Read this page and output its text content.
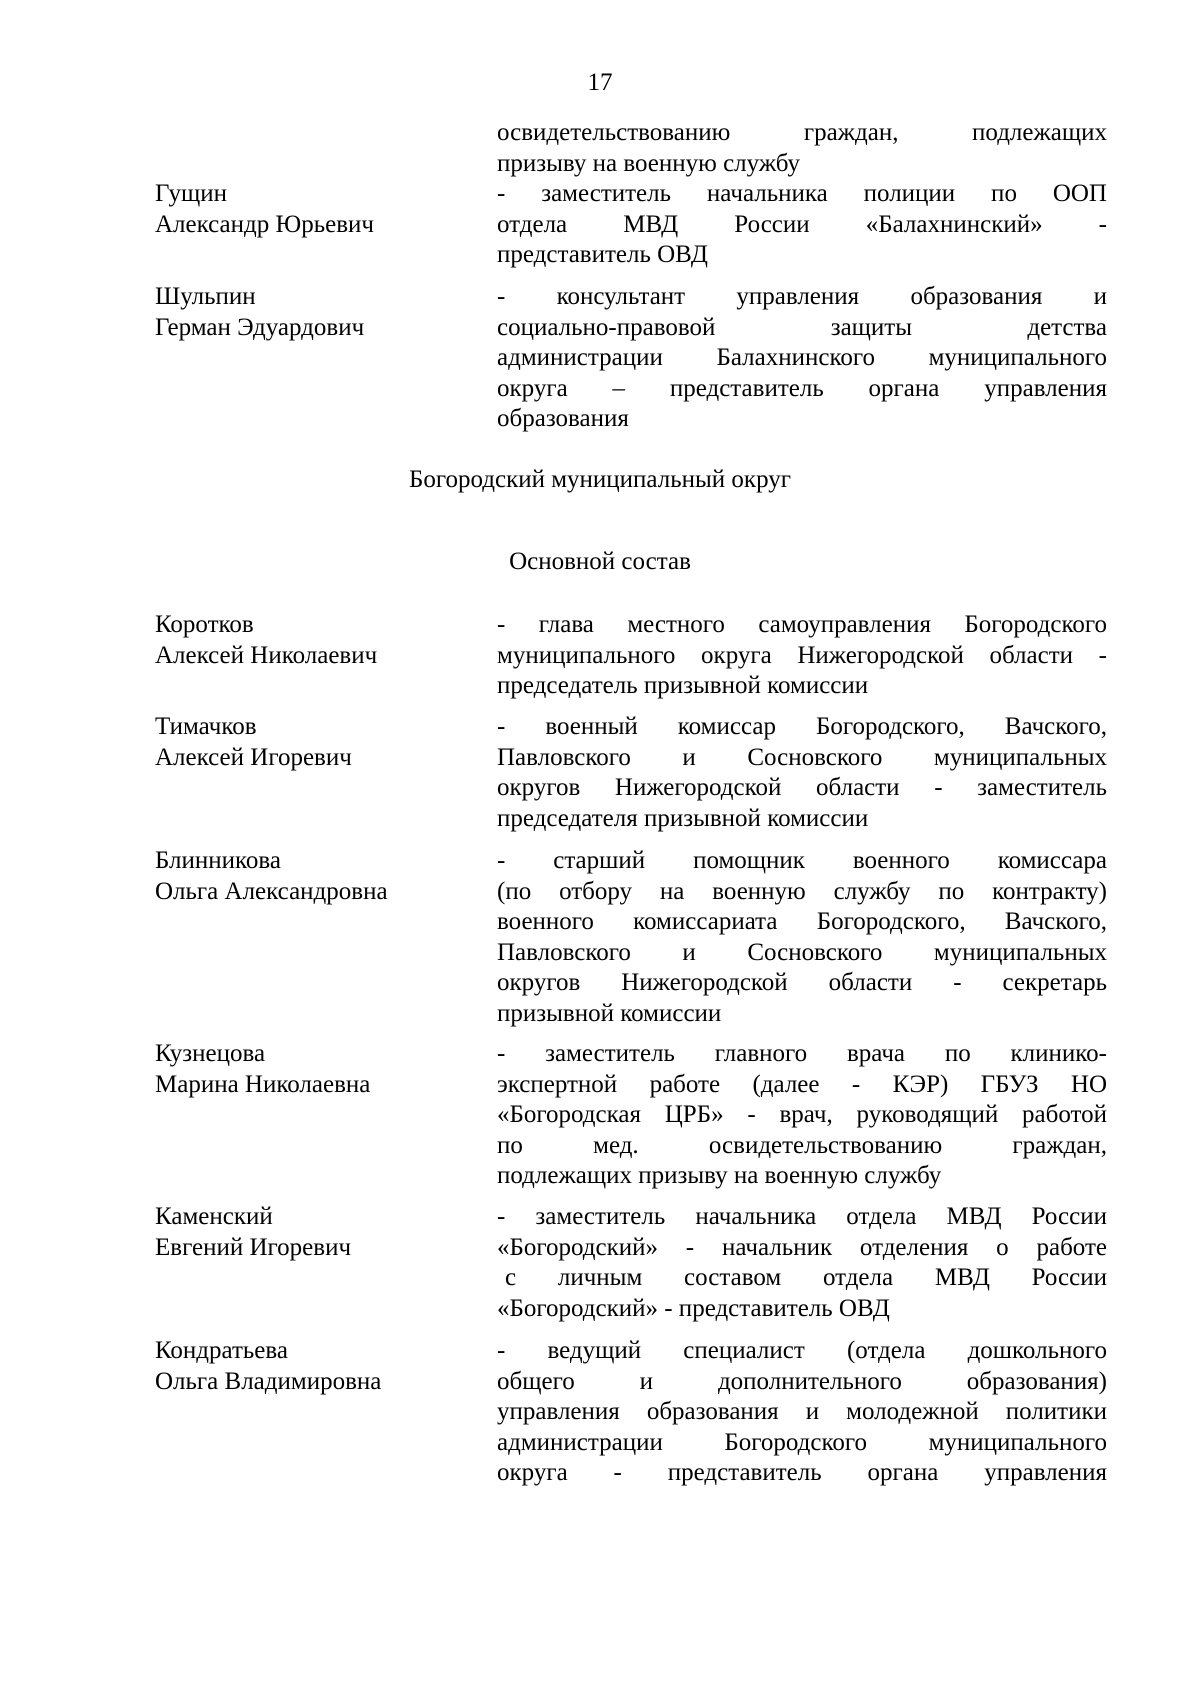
17
освидетельствованию граждан, подлежащих
призыву на военную службу
Гущин
Александр Юрьевич
- заместитель начальника полиции по ООП
отдела МВД России «Балахнинский» -
представитель ОВД
Шульпин
Герман Эдуардович
- консультант управления образования и
социально-правовой защиты детства
администрации Балахнинского муниципального
округа – представитель органа управления
образования
Богородский муниципальный округ
Основной состав
Коротков
Алексей Николаевич
- глава местного самоуправления Богородского
муниципального округа Нижегородской области -
председатель призывной комиссии
Тимачков
Алексей Игоревич
- военный комиссар Богородского, Вачского,
Павловского и Сосновского муниципальных
округов Нижегородской области - заместитель
председателя призывной комиссии
Блинникова
Ольга Александровна
- старший помощник военного комиссара
(по отбору на военную службу по контракту)
военного комиссариата Богородского, Вачского,
Павловского и Сосновского муниципальных
округов Нижегородской области - секретарь
призывной комиссии
Кузнецова
Марина Николаевна
- заместитель главного врача по клинико-
экспертной работе (далее - КЭР) ГБУЗ НО
«Богородская ЦРБ» - врач, руководящий работой
по мед. освидетельствованию граждан,
подлежащих призыву на военную службу
Каменский
Евгений Игоревич
- заместитель начальника отдела МВД России
«Богородский» - начальник отделения о работе
с личным составом отдела МВД России
«Богородский» - представитель ОВД
Кондратьева
Ольга Владимировна
- ведущий специалист (отдела дошкольного
общего и дополнительного образования)
управления образования и молодежной политики
администрации Богородского муниципального
округа - представитель органа управления
